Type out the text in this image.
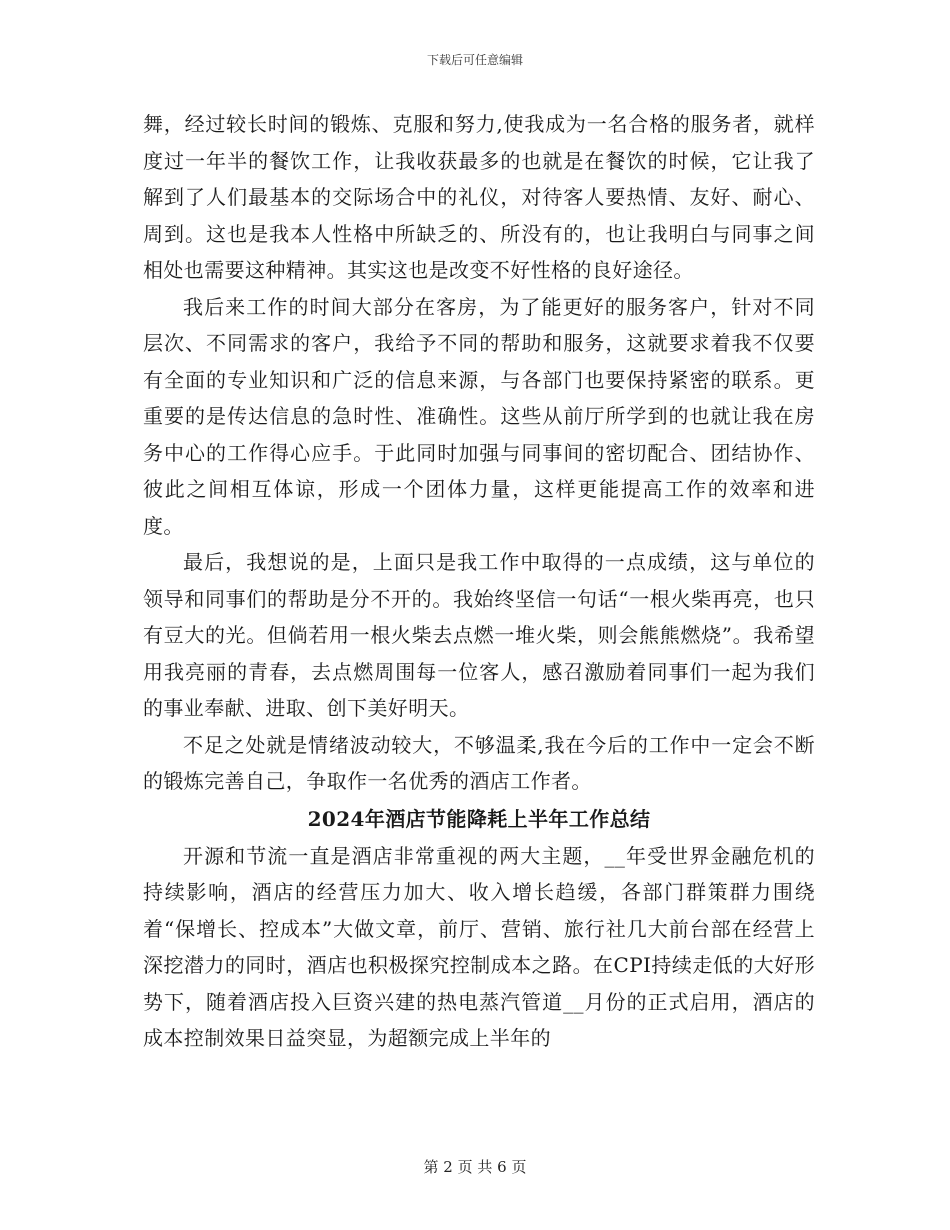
下载后可任意编辑

舞，经过较长时间的锻炼、克服和努力,使我成为一名合格的服务者，就样度过一年半的餐饮工作，让我收获最多的也就是在餐饮的时候，它让我了解到了人们最基本的交际场合中的礼仪，对待客人要热情、友好、耐心、周到。这也是我本人性格中所缺乏的、所没有的，也让我明白与同事之间相处也需要这种精神。其实这也是改变不好性格的良好途径。

我后来工作的时间大部分在客房，为了能更好的服务客户，针对不同层次、不同需求的客户，我给予不同的帮助和服务，这就要求着我不仅要有全面的专业知识和广泛的信息来源，与各部门也要保持紧密的联系。更重要的是传达信息的急时性、准确性。这些从前厅所学到的也就让我在房务中心的工作得心应手。于此同时加强与同事间的密切配合、团结协作、彼此之间相互体谅，形成一个团体力量，这样更能提高工作的效率和进度。

最后，我想说的是，上面只是我工作中取得的一点成绩，这与单位的领导和同事们的帮助是分不开的。我始终坚信一句话“一根火柴再亮，也只有豆大的光。但倘若用一根火柴去点燃一堆火柴，则会熊熊燃烧”。我希望用我亮丽的青春，去点燃周围每一位客人，感召激励着同事们一起为我们的事业奉献、进取、创下美好明天。

不足之处就是情绪波动较大，不够温柔,我在今后的工作中一定会不断的锻炼完善自己，争取作一名优秀的酒店工作者。

2024年酒店节能降耗上半年工作总结

开源和节流一直是酒店非常重视的两大主题，__年受世界金融危机的持续影响，酒店的经营压力加大、收入增长趋缓，各部门群策群力围绕着“保增长、控成本”大做文章，前厅、营销、旅行社几大前台部在经营上深挖潜力的同时，酒店也积极探究控制成本之路。在CPI持续走低的大好形势下，随着酒店投入巨资兴建的热电蒸汽管道__月份的正式启用，酒店的成本控制效果日益突显，为超额完成上半年的

第 2 页 共 6 页
